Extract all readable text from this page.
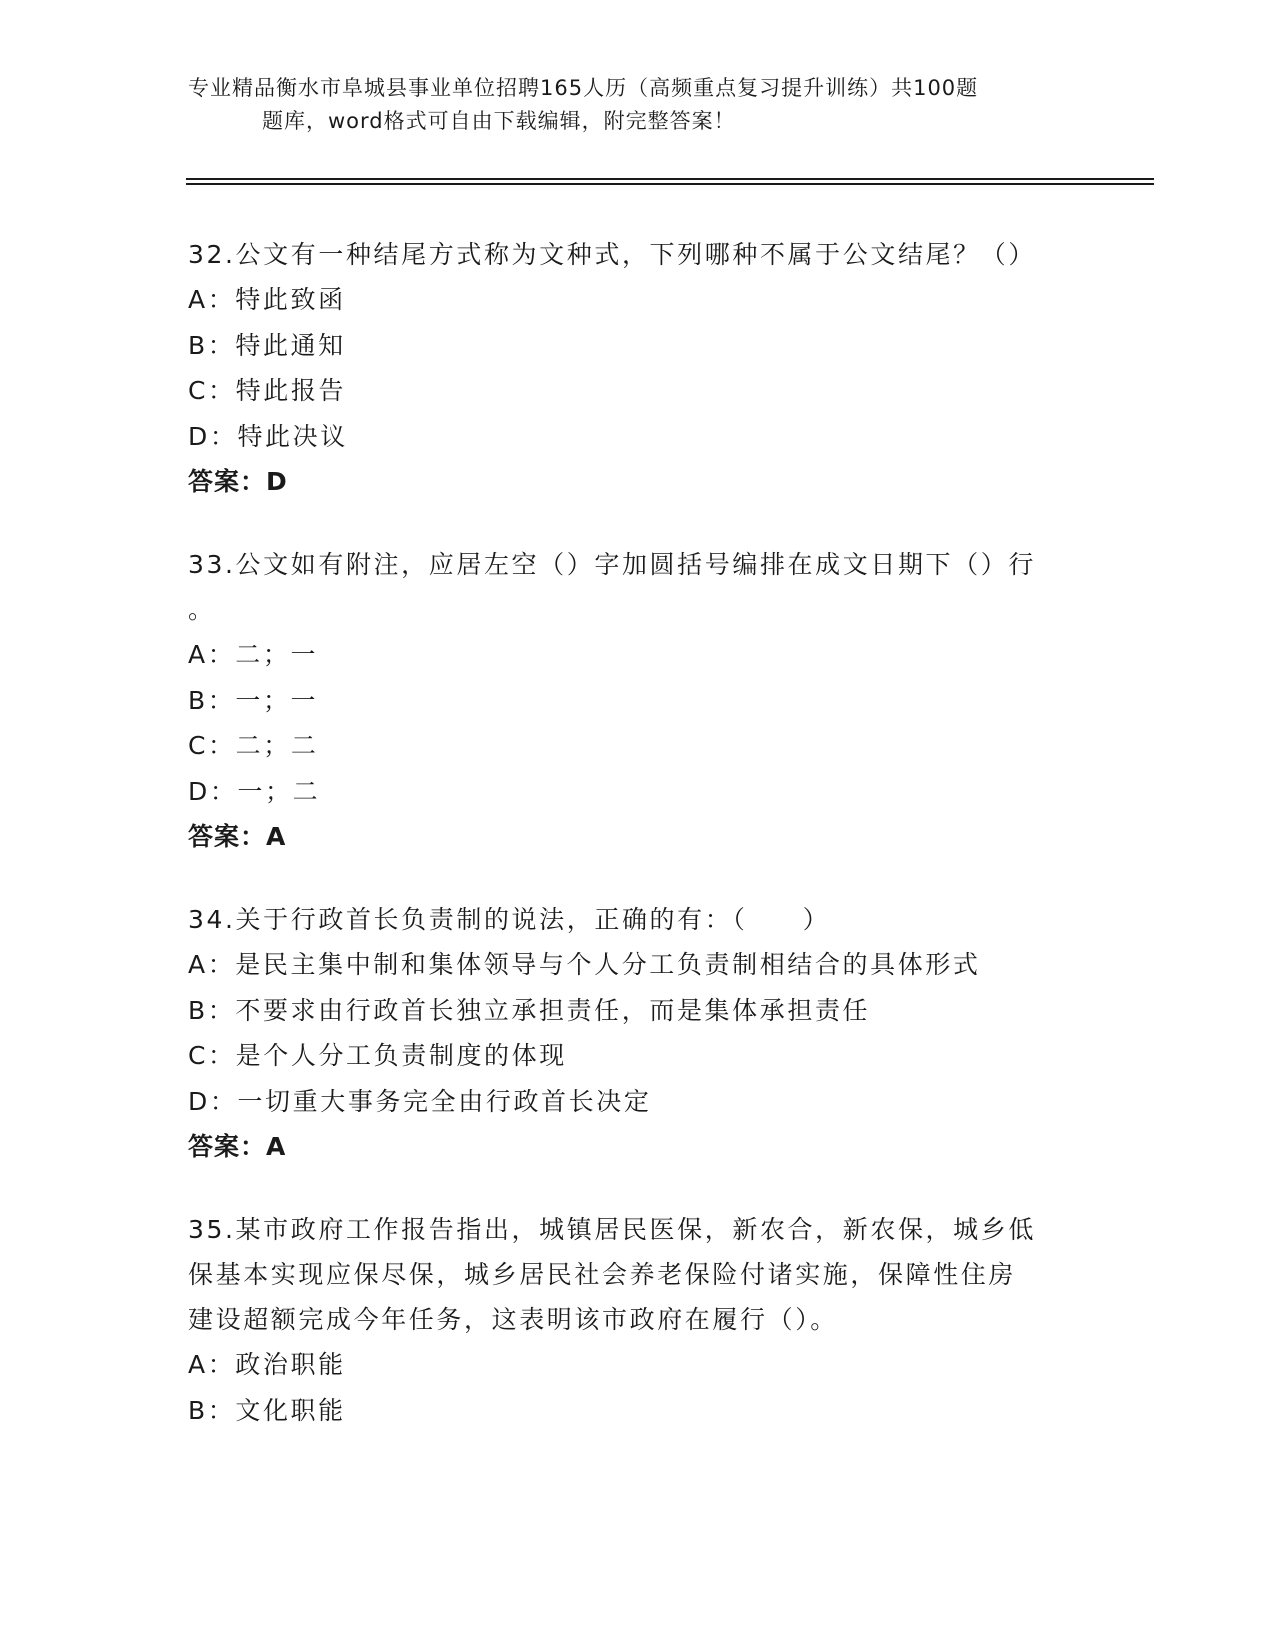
专业精品衡水市阜城县事业单位招聘165人历（高频重点复习提升训练）共100题
题库，word格式可自由下载编辑，附完整答案！
32.公文有一种结尾方式称为文种式，下列哪种不属于公文结尾？（）
A：特此致函
B：特此通知
C：特此报告
D：特此决议
答案：D
33.公文如有附注，应居左空（）字加圆括号编排在成文日期下（）行
。
A：二；一
B：一；一
C：二；二
D：一；二
答案：A
34.关于行政首长负责制的说法，正确的有：（　　）
A：是民主集中制和集体领导与个人分工负责制相结合的具体形式
B：不要求由行政首长独立承担责任，而是集体承担责任
C：是个人分工负责制度的体现
D：一切重大事务完全由行政首长决定
答案：A
35.某市政府工作报告指出，城镇居民医保，新农合，新农保，城乡低
保基本实现应保尽保，城乡居民社会养老保险付诸实施，保障性住房
建设超额完成今年任务，这表明该市政府在履行（）。
A：政治职能
B：文化职能
